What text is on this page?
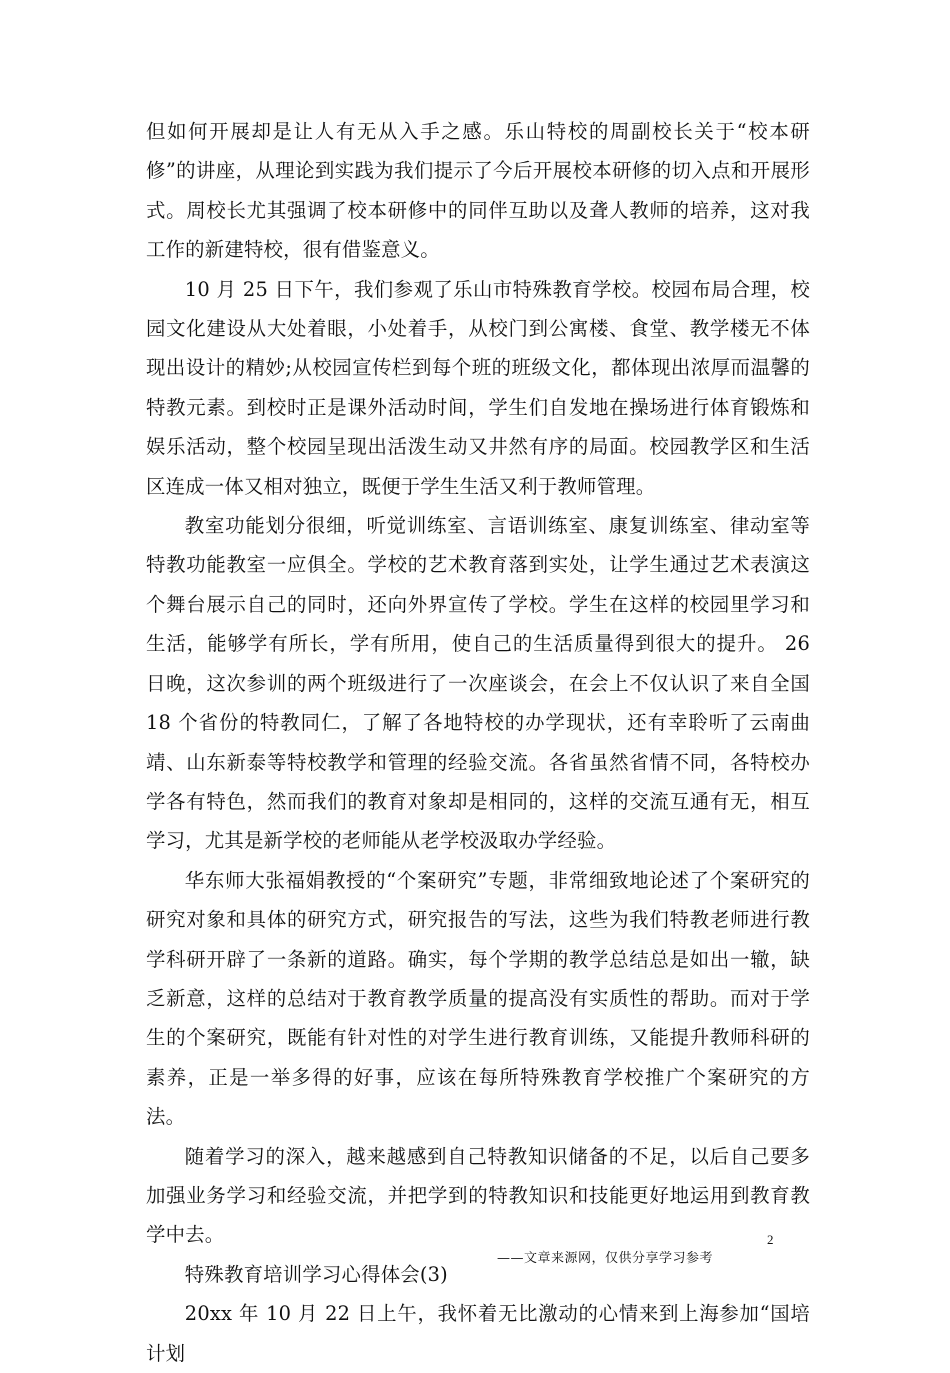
但如何开展却是让人有无从入手之感。乐山特校的周副校长关于“校本研修”的讲座，从理论到实践为我们提示了今后开展校本研修的切入点和开展形式。周校长尤其强调了校本研修中的同伴互助以及聋人教师的培养，这对我工作的新建特校，很有借鉴意义。

10 月 25 日下午，我们参观了乐山市特殊教育学校。校园布局合理，校园文化建设从大处着眼，小处着手，从校门到公寓楼、食堂、教学楼无不体现出设计的精妙;从校园宣传栏到每个班的班级文化，都体现出浓厚而温馨的特教元素。到校时正是课外活动时间，学生们自发地在操场进行体育锻炼和娱乐活动，整个校园呈现出活泼生动又井然有序的局面。校园教学区和生活区连成一体又相对独立，既便于学生生活又利于教师管理。

教室功能划分很细，听觉训练室、言语训练室、康复训练室、律动室等特教功能教室一应俱全。学校的艺术教育落到实处，让学生通过艺术表演这个舞台展示自己的同时，还向外界宣传了学校。学生在这样的校园里学习和生活，能够学有所长，学有所用，使自己的生活质量得到很大的提升。 26 日晚，这次参训的两个班级进行了一次座谈会，在会上不仅认识了来自全国 18 个省份的特教同仁，了解了各地特校的办学现状，还有幸聆听了云南曲靖、山东新泰等特校教学和管理的经验交流。各省虽然省情不同，各特校办学各有特色，然而我们的教育对象却是相同的，这样的交流互通有无，相互学习，尤其是新学校的老师能从老学校汲取办学经验。

华东师大张福娟教授的“个案研究”专题，非常细致地论述了个案研究的研究对象和具体的研究方式，研究报告的写法，这些为我们特教老师进行教学科研开辟了一条新的道路。确实，每个学期的教学总结总是如出一辙，缺乏新意，这样的总结对于教育教学质量的提高没有实质性的帮助。而对于学生的个案研究，既能有针对性的对学生进行教育训练，又能提升教师科研的素养，正是一举多得的好事，应该在每所特殊教育学校推广个案研究的方法。

随着学习的深入，越来越感到自己特教知识储备的不足，以后自己要多加强业务学习和经验交流，并把学到的特教知识和技能更好地运用到教育教学中去。

特殊教育培训学习心得体会(3)

20xx 年 10 月 22 日上午，我怀着无比激动的心情来到上海参加“国培计划

2
——文章来源网，仅供分享学习参考
